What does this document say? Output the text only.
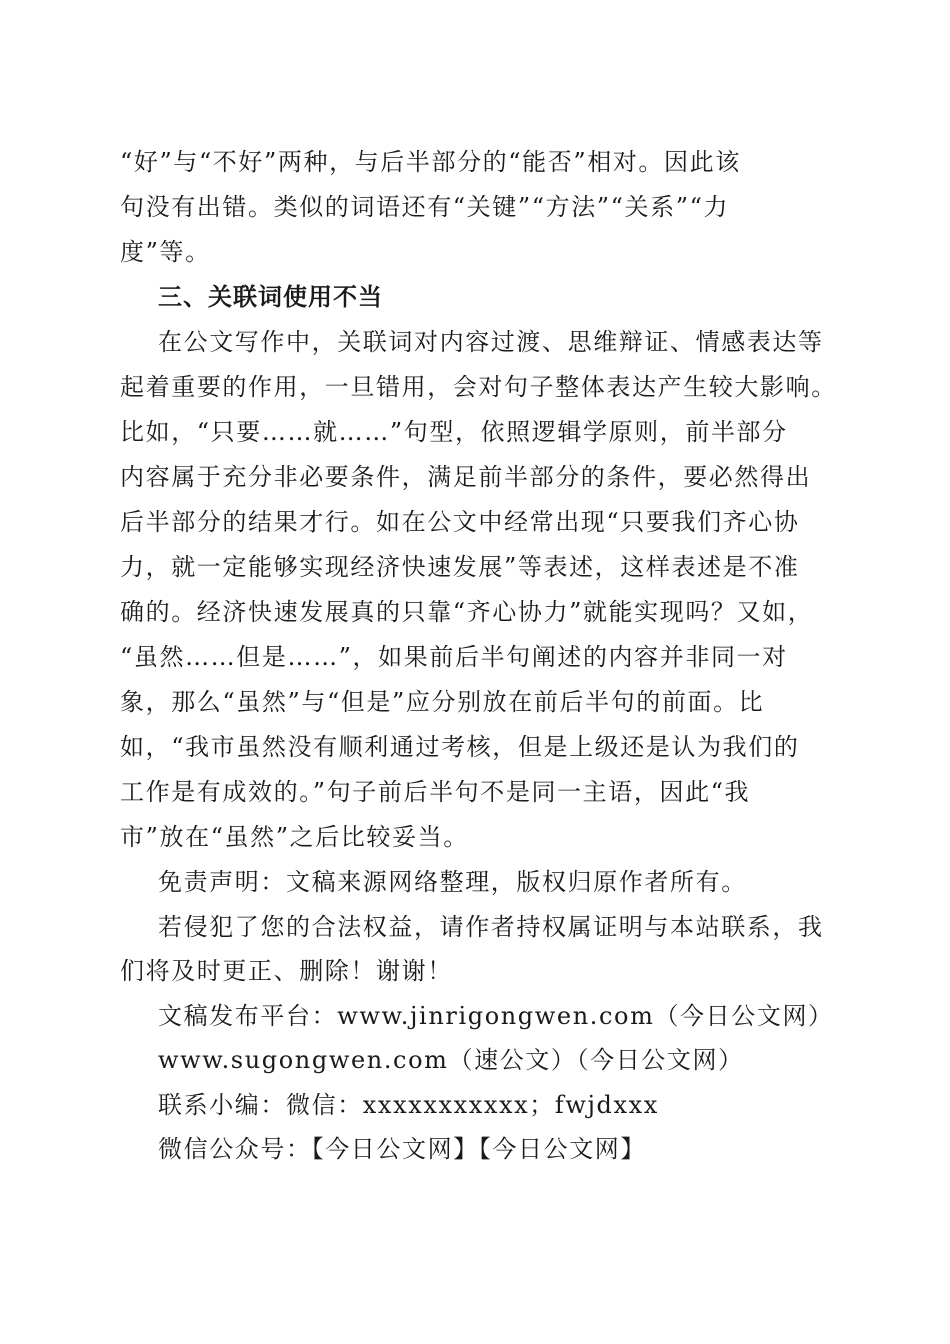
“好”与“不好”两种，与后半部分的“能否”相对。因此该
句没有出错。类似的词语还有“关键”“方法”“关系”“力
度”等。
三、关联词使用不当
在公文写作中，关联词对内容过渡、思维辩证、情感表达等
起着重要的作用，一旦错用，会对句子整体表达产生较大影响。
比如，“只要……就……”句型，依照逻辑学原则，前半部分
内容属于充分非必要条件，满足前半部分的条件，要必然得出
后半部分的结果才行。如在公文中经常出现“只要我们齐心协
力，就一定能够实现经济快速发展”等表述，这样表述是不准
确的。经济快速发展真的只靠“齐心协力”就能实现吗？又如，
“虽然……但是……”，如果前后半句阐述的内容并非同一对
象，那么“虽然”与“但是”应分别放在前后半句的前面。比
如，“我市虽然没有顺利通过考核，但是上级还是认为我们的
工作是有成效的。”句子前后半句不是同一主语，因此“我
市”放在“虽然”之后比较妥当。
免责声明：文稿来源网络整理，版权归原作者所有。
若侵犯了您的合法权益，请作者持权属证明与本站联系，我
们将及时更正、删除！谢谢！
文稿发布平台：www.jinrigongwen.com（今日公文网）
www.sugongwen.com（速公文）（今日公文网）
联系小编：微信：xxxxxxxxxxx；fwjdxxx
微信公众号：【今日公文网】【今日公文网】
